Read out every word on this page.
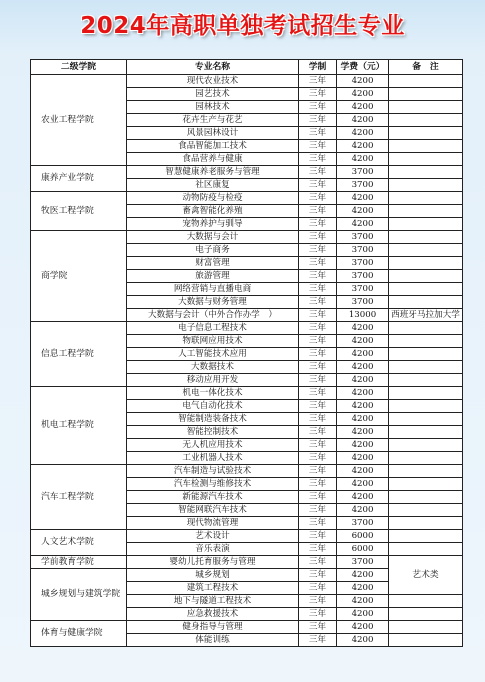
2024年高职单独考试招生专业
二级学院	专业名称	学制	学费（元）	备　注
农业工程学院	现代农业技术	三年	4200	
	园艺技术	三年	4200	
	园林技术	三年	4200	
	花卉生产与花艺	三年	4200	
	风景园林设计	三年	4200	
	食品智能加工技术	三年	4200	
	食品营养与健康	三年	4200	
康养产业学院	智慧健康养老服务与管理	三年	3700	
	社区康复	三年	3700	
牧医工程学院	动物防疫与检疫	三年	4200	
	畜禽智能化养殖	三年	4200	
	宠物养护与驯导	三年	4200	
商学院	大数据与会计	三年	3700	
	电子商务	三年	3700	
	财富管理	三年	3700	
	旅游管理	三年	3700	
	网络营销与直播电商	三年	3700	
	大数据与财务管理	三年	3700	
	大数据与会计（中外合作办学　）	三年	13000	西班牙马拉加大学
信息工程学院	电子信息工程技术	三年	4200	
	物联网应用技术	三年	4200	
	人工智能技术应用	三年	4200	
	大数据技术	三年	4200	
	移动应用开发	三年	4200	
机电工程学院	机电一体化技术	三年	4200	
	电气自动化技术	三年	4200	
	智能制造装备技术	三年	4200	
	智能控制技术	三年	4200	
	无人机应用技术	三年	4200	
	工业机器人技术	三年	4200	
汽车工程学院	汽车制造与试验技术	三年	4200	
	汽车检测与维修技术	三年	4200	
	新能源汽车技术	三年	4200	
	智能网联汽车技术	三年	4200	
	现代物流管理	三年	3700	
人文艺术学院	艺术设计	三年	6000	
	音乐表演	三年	6000	
学前教育学院	婴幼儿托育服务与管理	三年	3700	艺术类
城乡规划与建筑学院	城乡规划	三年	4200	
	建筑工程技术	三年	4200	
	地下与隧道工程技术	三年	4200	
	应急救援技术	三年	4200	
体育与健康学院	健身指导与管理	三年	4200	
	体能训练	三年	4200	
